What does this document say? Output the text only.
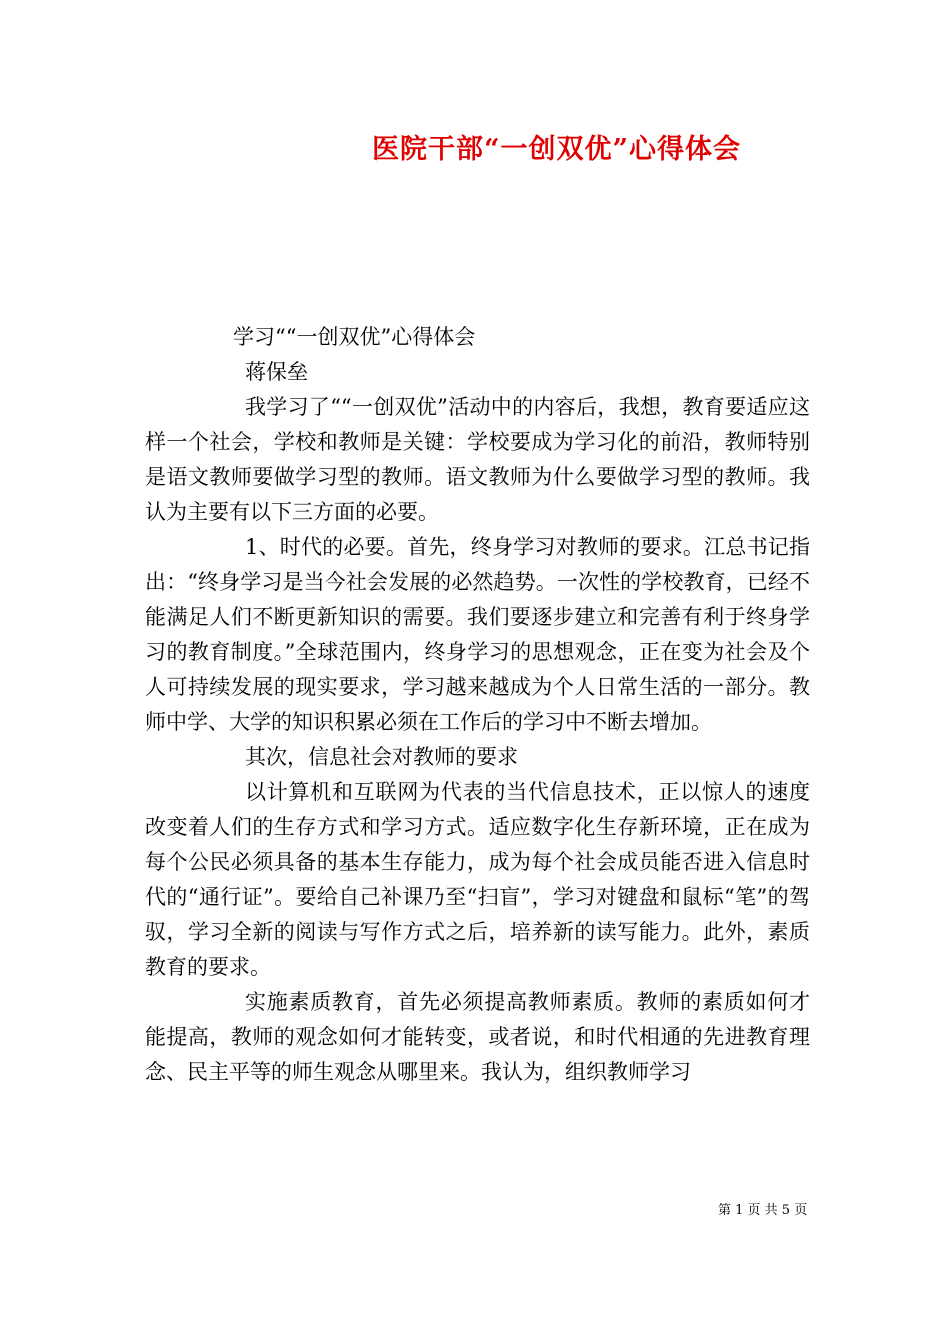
医院干部“一创双优”心得体会
学习““一创双优”心得体会
蒋保垒

我学习了““一创双优”活动中的内容后，我想，教育要适应这样一个社会，学校和教师是关键：学校要成为学习化的前沿，教师特别是语文教师要做学习型的教师。语文教师为什么要做学习型的教师。我认为主要有以下三方面的必要。

1、时代的必要。首先，终身学习对教师的要求。江总书记指出：“终身学习是当今社会发展的必然趋势。一次性的学校教育，已经不能满足人们不断更新知识的需要。我们要逐步建立和完善有利于终身学习的教育制度。”全球范围内，终身学习的思想观念，正在变为社会及个人可持续发展的现实要求，学习越来越成为个人日常生活的一部分。教师中学、大学的知识积累必须在工作后的学习中不断去增加。

其次，信息社会对教师的要求

以计算机和互联网为代表的当代信息技术，正以惊人的速度改变着人们的生存方式和学习方式。适应数字化生存新环境，正在成为每个公民必须具备的基本生存能力，成为每个社会成员能否进入信息时代的“通行证”。要给自己补课乃至“扫盲”，学习对键盘和鼠标“笔”的驾驭，学习全新的阅读与写作方式之后，培养新的读写能力。此外，素质教育的要求。

实施素质教育，首先必须提高教师素质。教师的素质如何才能提高，教师的观念如何才能转变，或者说，和时代相通的先进教育理念、民主平等的师生观念从哪里来。我认为，组织教师学习

第 1 页 共 5 页
